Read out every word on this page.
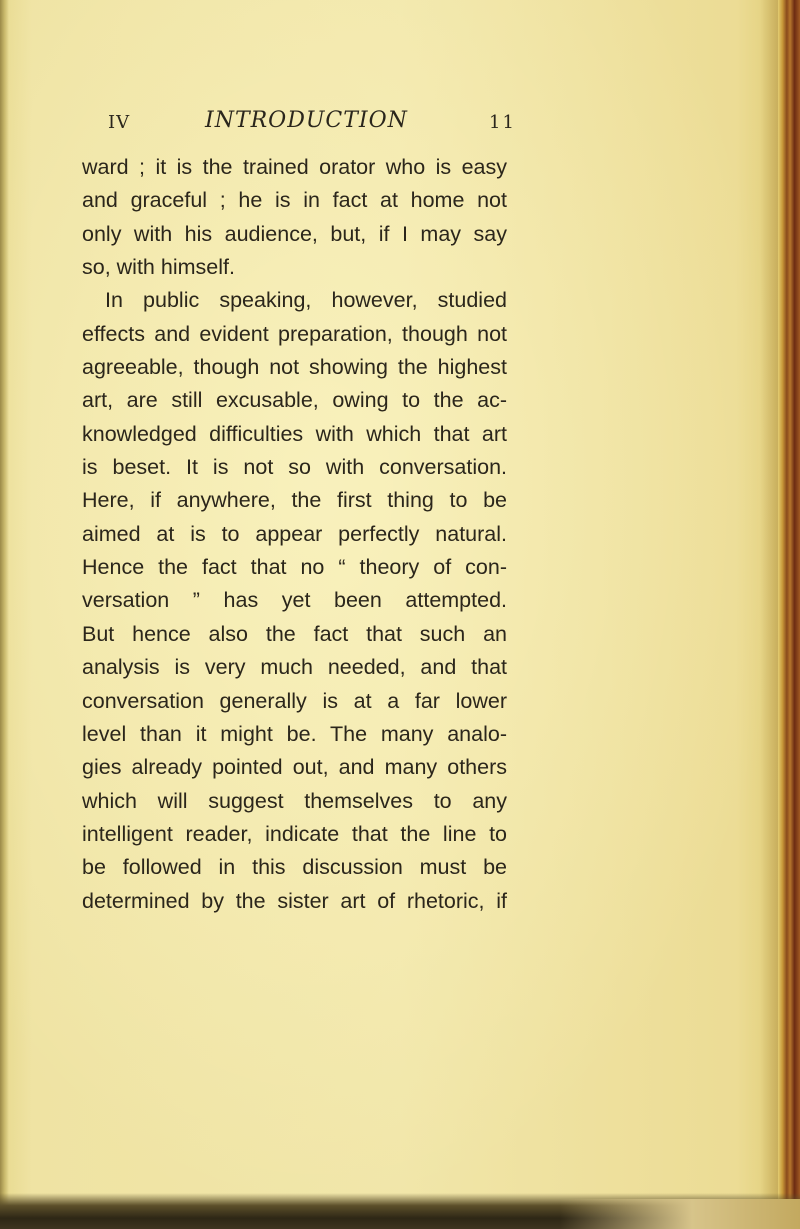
IV	INTRODUCTION	11
ward ; it is the trained orator who is easy
and graceful ; he is in fact at home not
only with his audience, but, if I may say
so, with himself.
In public speaking, however, studied
effects and evident preparation, though not
agreeable, though not showing the highest
art, are still excusable, owing to the ac-
knowledged difficulties with which that art
is beset. It is not so with conversation.
Here, if anywhere, the first thing to be
aimed at is to appear perfectly natural.
Hence the fact that no “ theory of con-
versation ” has yet been attempted.
But hence also the fact that such an
analysis is very much needed, and that
conversation generally is at a far lower
level than it might be. The many analo-
gies already pointed out, and many others
which will suggest themselves to any
intelligent reader, indicate that the line to
be followed in this discussion must be
determined by the sister art of rhetoric, if
